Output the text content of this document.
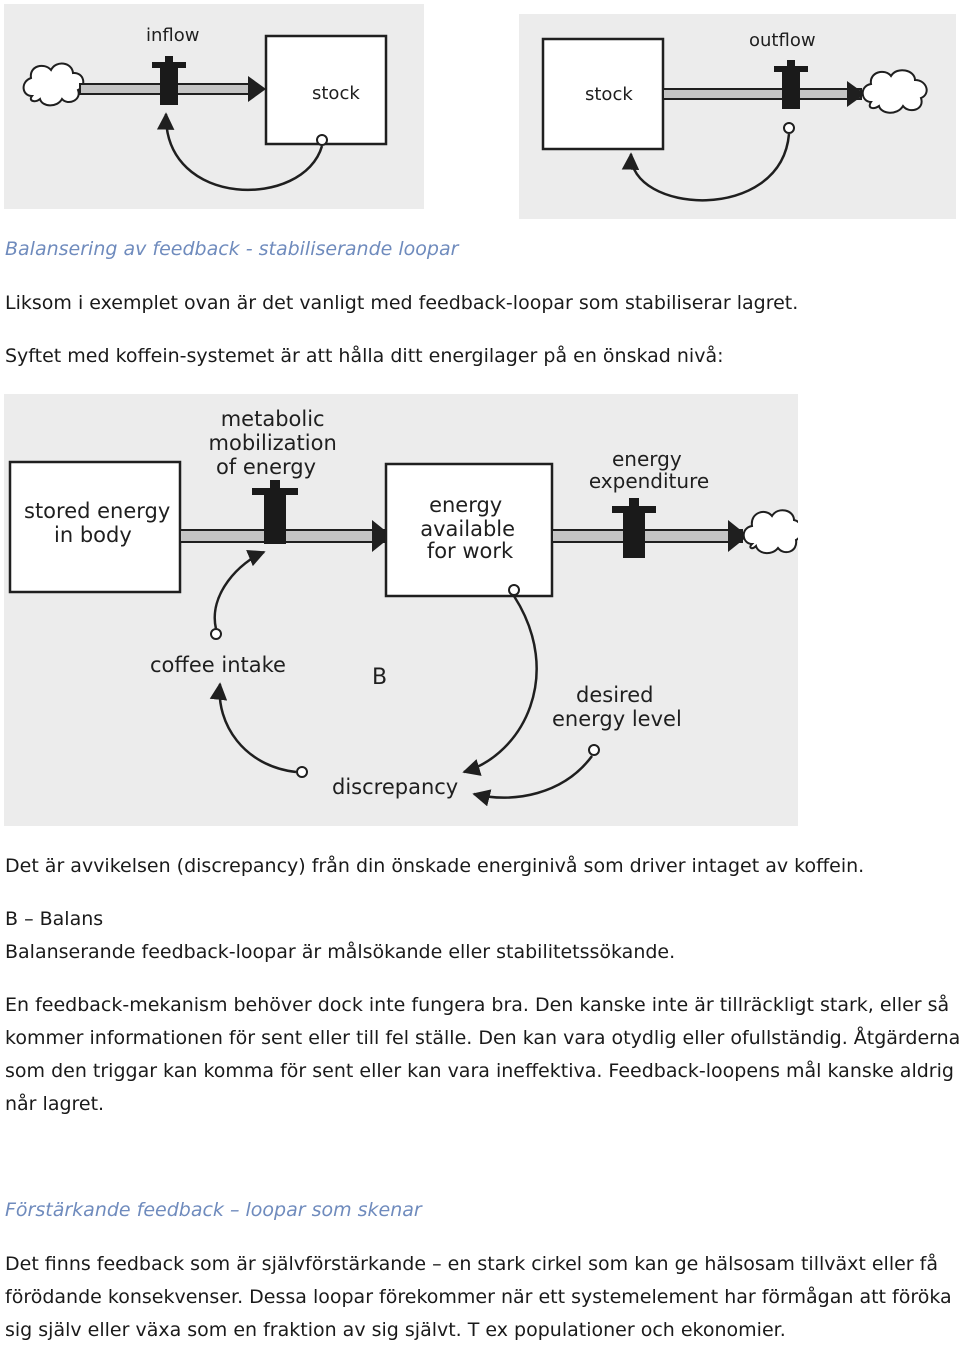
inflow
stock	stock
outflow
Balansering av feedback - stabiliserande loopar
Liksom i exemplet ovan är det vanligt med feedback-loopar som stabiliserar lagret.
Syftet med koffein-systemet är att hålla ditt energilager på en önskad nivå:
stored energy in body
metabolic mobilization of energy
energy available for work
energy expenditure
coffee intake	B
desired energy level
discrepancy
Det är avvikelsen (discrepancy) från din önskade energinivå som driver intaget av koffein.
B – Balans
Balanserande feedback-loopar är målsökande eller stabilitetssökande.
En feedback-mekanism behöver dock inte fungera bra. Den kanske inte är tillräckligt stark, eller så
kommer informationen för sent eller till fel ställe. Den kan vara otydlig eller ofullständig. Åtgärderna
som den triggar kan komma för sent eller kan vara ineffektiva. Feedback-loopens mål kanske aldrig
når lagret.
Förstärkande feedback – loopar som skenar
Det finns feedback som är självförstärkande – en stark cirkel som kan ge hälsosam tillväxt eller få
förödande konsekvenser. Dessa loopar förekommer när ett systemelement har förmågan att föröka
sig själv eller växa som en fraktion av sig självt. T ex populationer och ekonomier.
